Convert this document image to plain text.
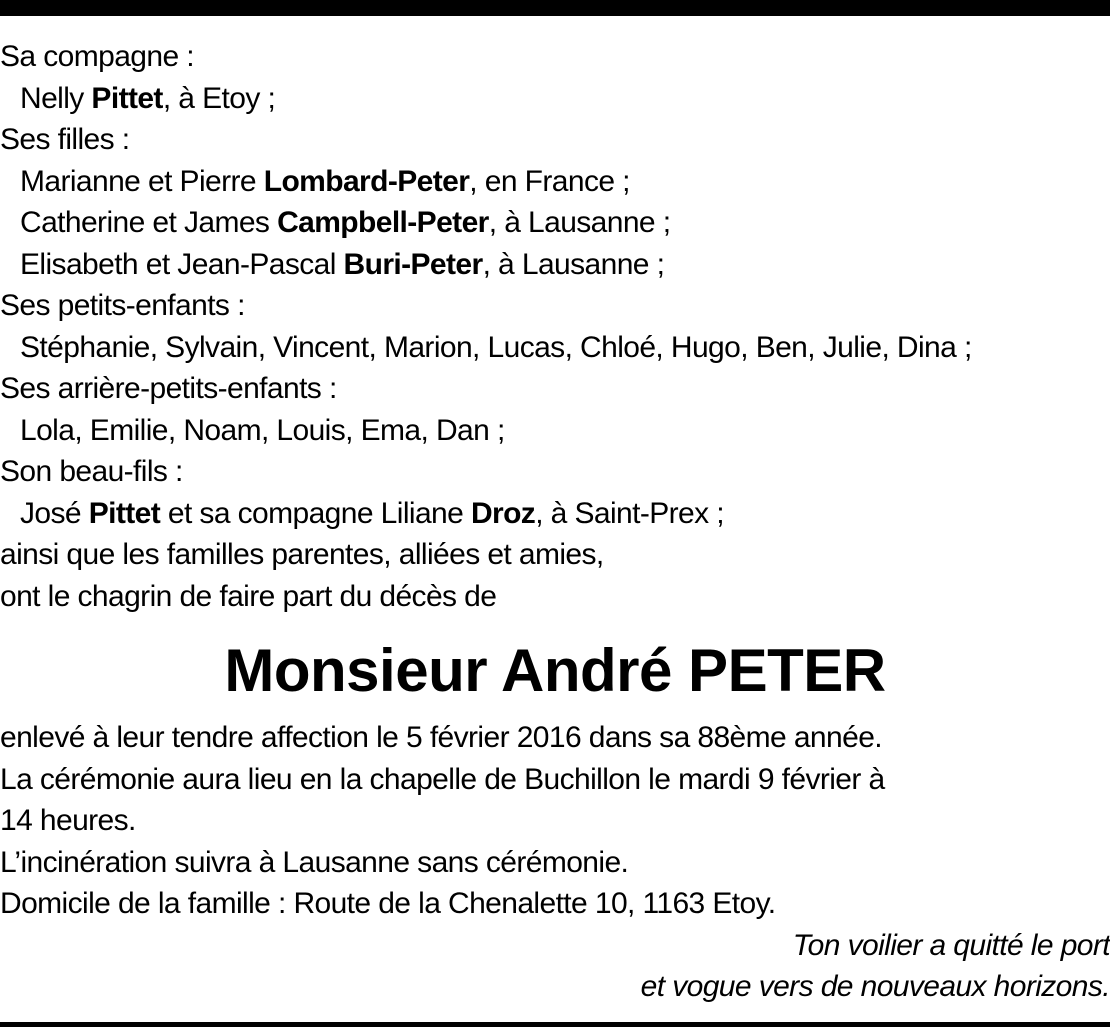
Sa compagne :
Nelly Pittet, à Etoy ;
Ses filles :
Marianne et Pierre Lombard-Peter, en France ;
Catherine et James Campbell-Peter, à Lausanne ;
Elisabeth et Jean-Pascal Buri-Peter, à Lausanne ;
Ses petits-enfants :
Stéphanie, Sylvain, Vincent, Marion, Lucas, Chloé, Hugo, Ben, Julie, Dina ;
Ses arrière-petits-enfants :
Lola, Emilie, Noam, Louis, Ema, Dan ;
Son beau-fils :
José Pittet et sa compagne Liliane Droz, à Saint-Prex ;
ainsi que les familles parentes, alliées et amies,
ont le chagrin de faire part du décès de
Monsieur André PETER
enlevé à leur tendre affection le 5 février 2016 dans sa 88ème année.
La cérémonie aura lieu en la chapelle de Buchillon le mardi 9 février à
14 heures.
L’incinération suivra à Lausanne sans cérémonie.
Domicile de la famille : Route de la Chenalette 10, 1163 Etoy.
Ton voilier a quitté le port
et vogue vers de nouveaux horizons.
